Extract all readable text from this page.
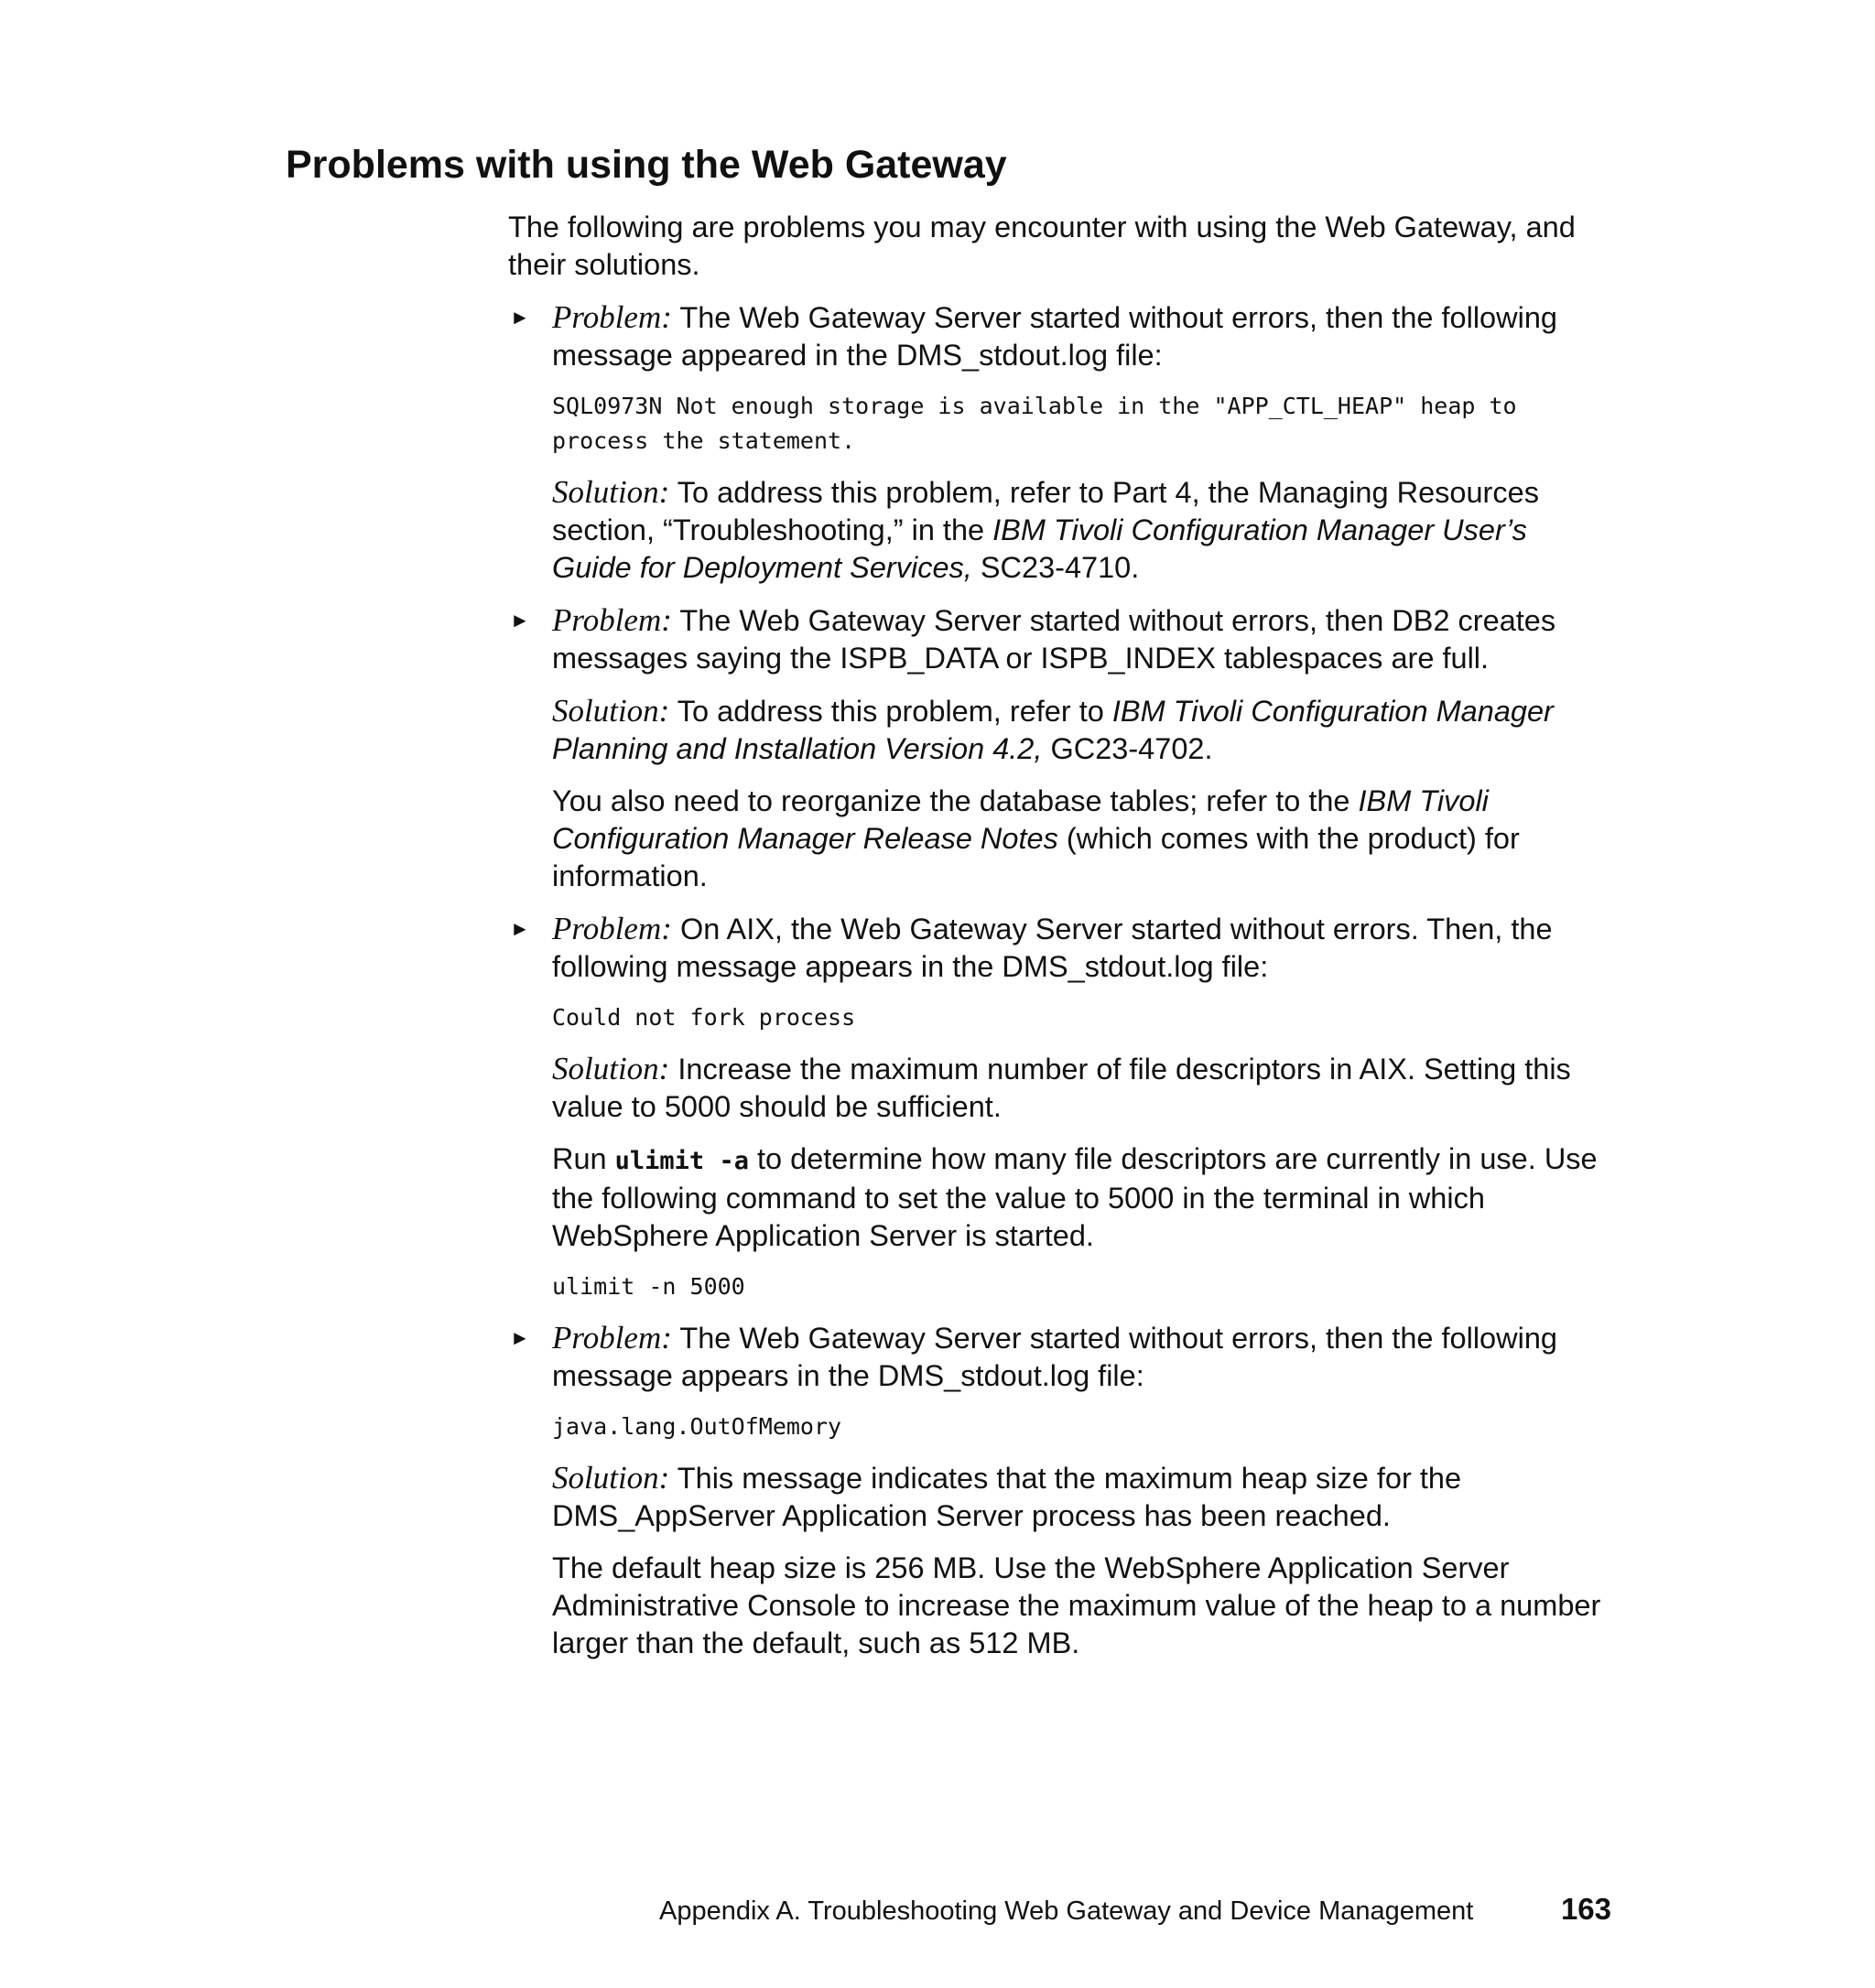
Problems with using the Web Gateway

The following are problems you may encounter with using the Web Gateway, and their solutions.

► Problem: The Web Gateway Server started without errors, then the following message appeared in the DMS_stdout.log file:

SQL0973N Not enough storage is available in the "APP_CTL_HEAP" heap to process the statement.

Solution: To address this problem, refer to Part 4, the Managing Resources section, “Troubleshooting,” in the IBM Tivoli Configuration Manager User’s Guide for Deployment Services, SC23-4710.

► Problem: The Web Gateway Server started without errors, then DB2 creates messages saying the ISPB_DATA or ISPB_INDEX tablespaces are full.

Solution: To address this problem, refer to IBM Tivoli Configuration Manager Planning and Installation Version 4.2, GC23-4702.

You also need to reorganize the database tables; refer to the IBM Tivoli Configuration Manager Release Notes (which comes with the product) for information.

► Problem: On AIX, the Web Gateway Server started without errors. Then, the following message appears in the DMS_stdout.log file:

Could not fork process

Solution: Increase the maximum number of file descriptors in AIX. Setting this value to 5000 should be sufficient.

Run ulimit -a to determine how many file descriptors are currently in use. Use the following command to set the value to 5000 in the terminal in which WebSphere Application Server is started.

ulimit -n 5000
► Problem: The Web Gateway Server started without errors, then the following message appears in the DMS_stdout.log file:

java.lang.OutOfMemory

Solution: This message indicates that the maximum heap size for the DMS_AppServer Application Server process has been reached.

The default heap size is 256 MB. Use the WebSphere Application Server Administrative Console to increase the maximum value of the heap to a number larger than the default, such as 512 MB.

Appendix A. Troubleshooting Web Gateway and Device Management	163
